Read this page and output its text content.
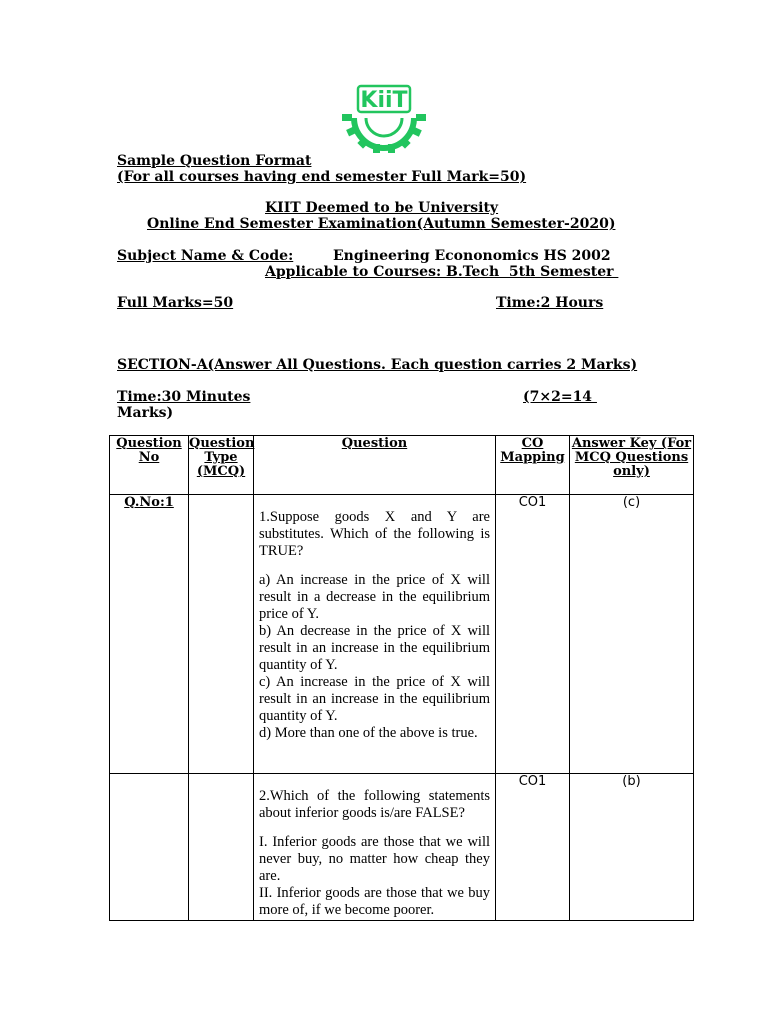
KiiT
Sample Question Format
(For all courses having end semester Full Mark=50)
KIIT Deemed to be University
Online End Semester Examination(Autumn Semester-2020)
Subject Name & Code:	Engineering Econonomics HS 2002
Applicable to Courses: B.Tech  5th Semester
Full Marks=50	Time:2 Hours
SECTION-A(Answer All Questions. Each question carries 2 Marks)
Time:30 Minutes	(7×2=14
Marks)
Question No	Question Type (MCQ)	Question	CO Mapping	Answer Key (For MCQ Questions only)
Q.No:1		1.Suppose goods X and Y are substitutes. Which of the following is TRUE?

a) An increase in the price of X will result in a decrease in the equilibrium price of Y.

b) An decrease in the price of X will result in an increase in the equilibrium quantity of Y.

c) An increase in the price of X will result in an increase in the equilibrium quantity of Y.

d) More than one of the above is true.	CO1	(c)

		2.Which of the following statements about inferior goods is/are FALSE?

I. Inferior goods are those that we will never buy, no matter how cheap they are.

II. Inferior goods are those that we buy more of, if we become poorer.	CO1	(b)
